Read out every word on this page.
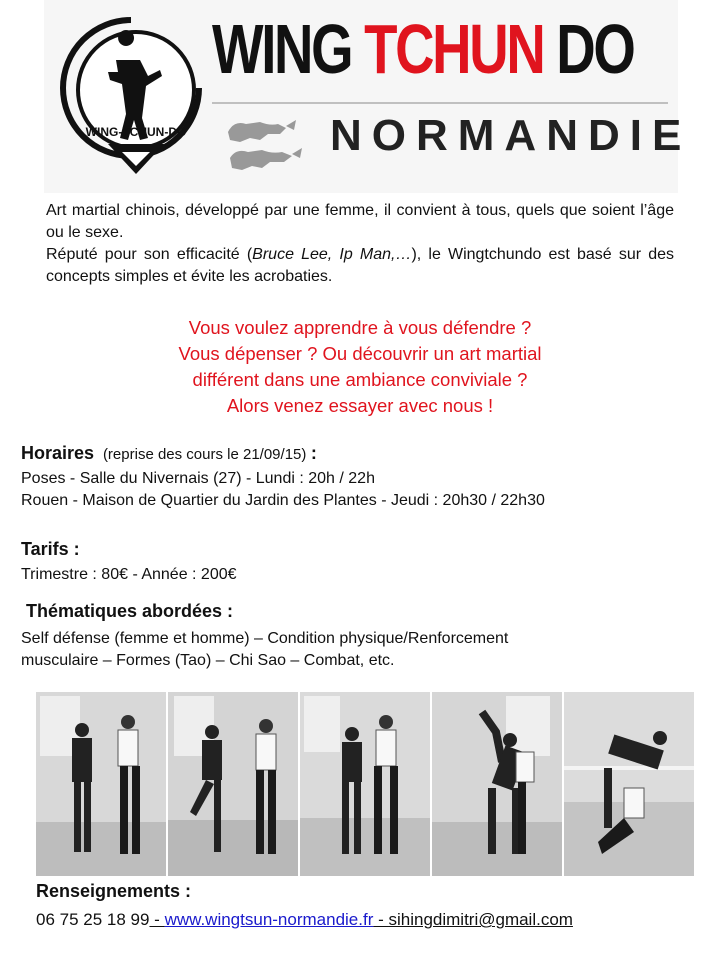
WING-TCHUN-DO
WING TCHUN DO
NORMANDIE

Art martial chinois, développé par une femme, il convient à tous, quels que soient l’âge ou le sexe.

Réputé pour son efficacité (Bruce Lee, Ip Man,…), le Wingtchundo est basé sur des concepts simples et évite les acrobaties.

Vous voulez apprendre à vous défendre ?
Vous dépenser ? Ou découvrir un art martial
différent dans une ambiance conviviale ?
Alors venez essayer avec nous !
Horaires (reprise des cours le 21/09/15) :
Poses - Salle du Nivernais (27) - Lundi : 20h / 22h
Rouen - Maison de Quartier du Jardin des Plantes - Jeudi : 20h30 / 22h30
Tarifs :
Trimestre : 80€ - Année : 200€
Thématiques abordées :
Self défense (femme et homme) – Condition physique/Renforcement
musculaire – Formes (Tao) – Chi Sao – Combat, etc.
Renseignements :
06 75 25 18 99 - www.wingtsun-normandie.fr - sihingdimitri@gmail.com
